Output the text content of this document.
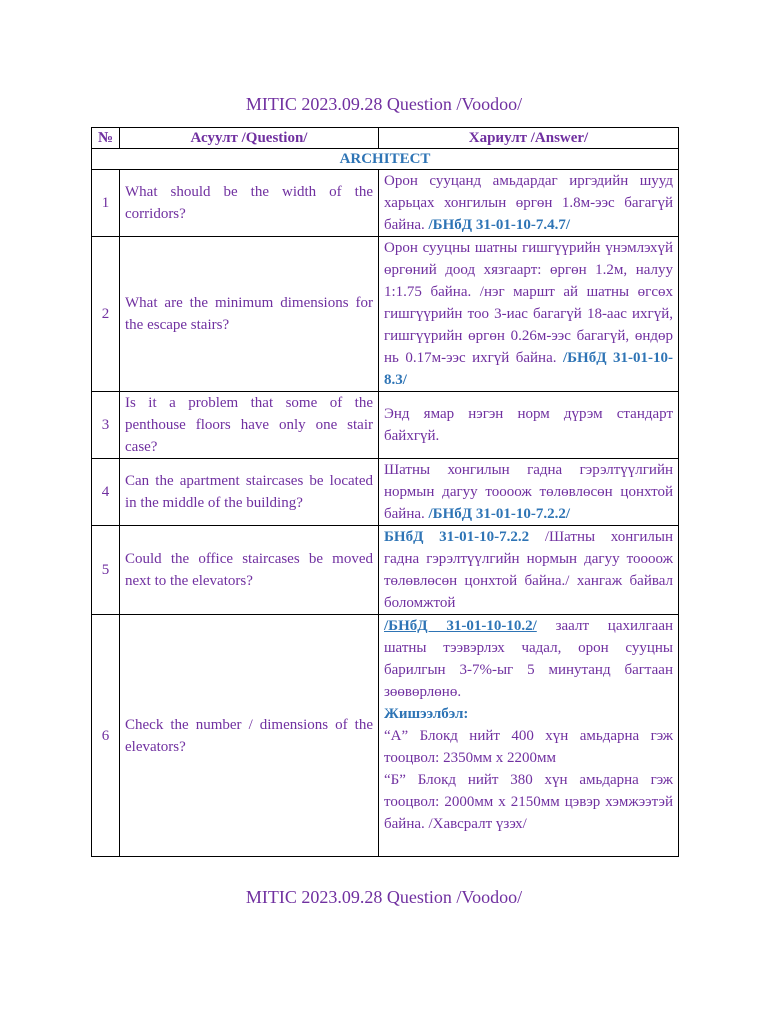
MITIC 2023.09.28 Question /Voodoo/
№	Асуулт /Question/	Хариулт /Answer/
ARCHITECT		
1	What should be the width of the corridors?	Орон сууцанд амьдардаг иргэдийн шууд харьцах хонгилын өргөн 1.8м-ээс багагүй байна. /БНбД 31-01-10-7.4.7/
2	What are the minimum dimensions for the escape stairs?	Орон сууцны шатны гишгүүрийн үнэмлэхүй өргөний доод хязгаарт: өргөн 1.2м, налуу 1:1.75 байна. /нэг маршт ай шатны өгсөх гишгүүрийн тоо 3-иас багагүй 18-аас ихгүй, гишгүүрийн өргөн 0.26м-ээс багагүй, өндөр нь 0.17м-ээс ихгүй байна. /БНбД 31-01-10-8.3/
3	Is it a problem that some of the penthouse floors have only one stair case?	Энд ямар нэгэн норм дүрэм стандарт байхгүй.
4	Can the apartment staircases be located in the middle of the building?	Шатны хонгилын гадна гэрэлтүүлгийн нормын дагуу тоооож төлөвлөсөн цонхтой байна. /БНбД 31-01-10-7.2.2/
5	Could the office staircases be moved next to the elevators?	БНбД 31-01-10-7.2.2 /Шатны хонгилын гадна гэрэлтүүлгийн нормын дагуу тоооож төлөвлөсөн цонхтой байна./ хангаж байвал боломжтой
6	Check the number / dimensions of the elevators?	/БНбД 31-01-10-10.2/ заалт цахилгаан шатны тээвэрлэх чадал, орон сууцны барилгын 3-7%-ыг 5 минутанд багтаан зөөвөрлөнө.
Жишээлбэл:
“А” Блокд нийт 400 хүн амьдарна гэж тооцвол: 2350мм х 2200мм
“Б” Блокд нийт 380 хүн амьдарна гэж тооцвол: 2000мм х 2150мм цэвэр хэмжээтэй байна. /Хавсралт үзэх/
MITIC 2023.09.28 Question /Voodoo/
